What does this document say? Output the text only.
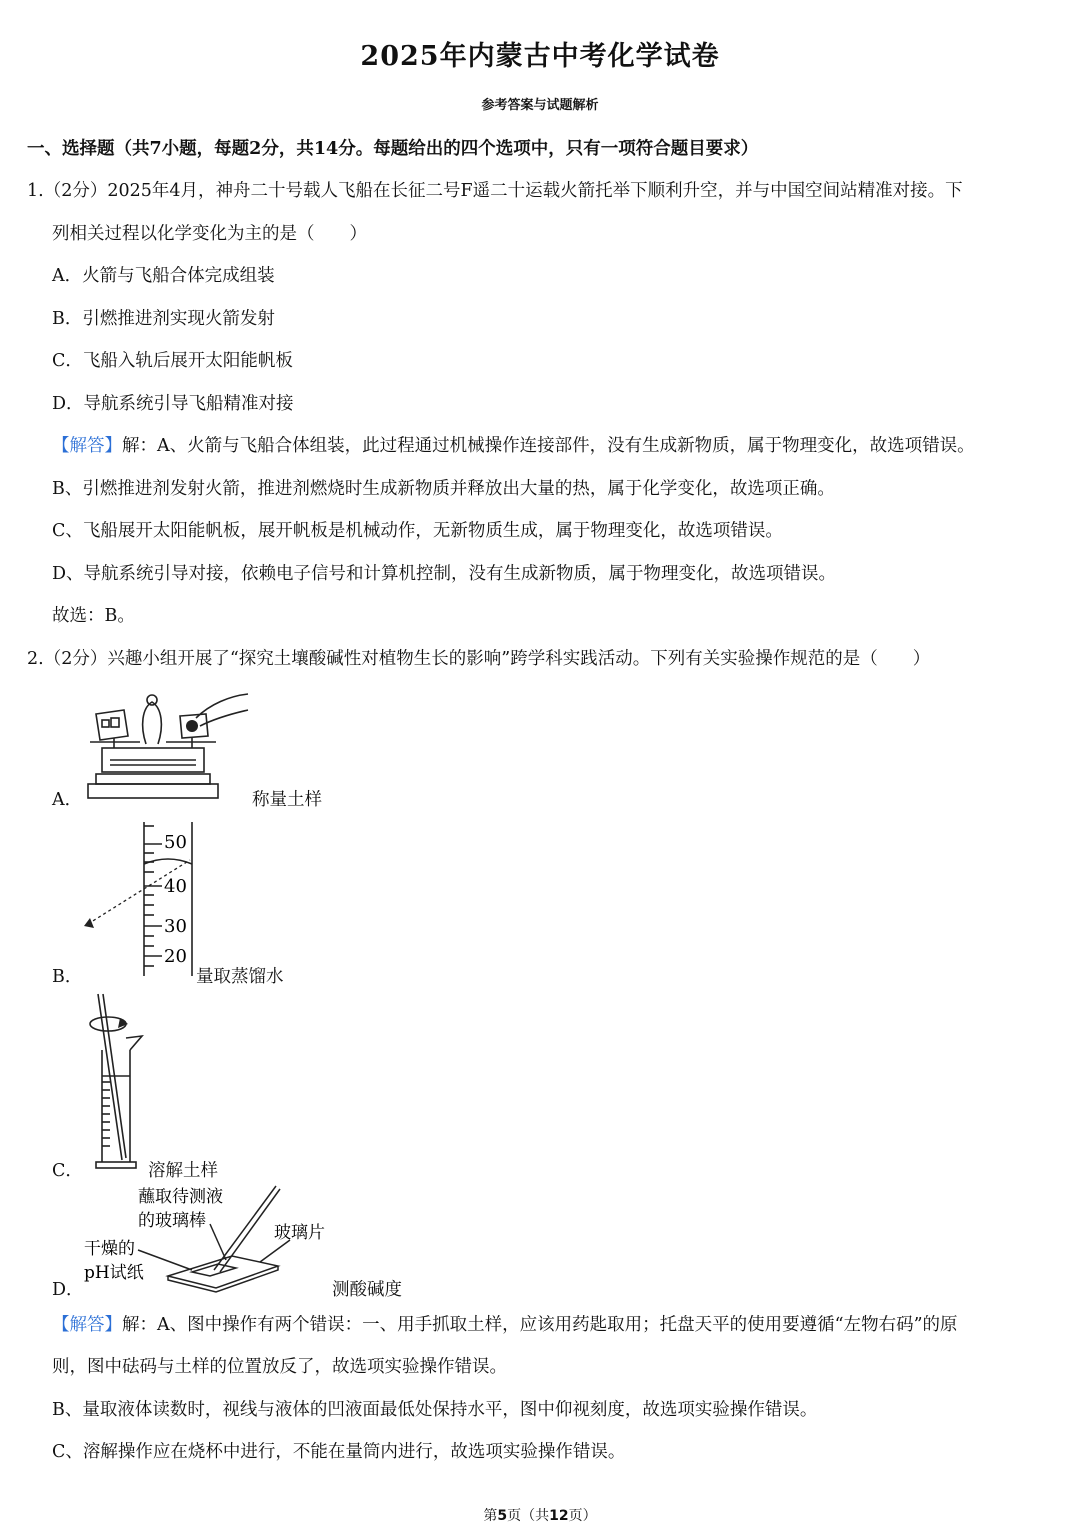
2025年内蒙古中考化学试卷
参考答案与试题解析
一、选择题（共7小题，每题2分，共14分。每题给出的四个选项中，只有一项符合题目要求）
1.（2分）2025年4月，神舟二十号载人飞船在长征二号F遥二十运载火箭托举下顺利升空，并与中国空间站精准对接。下
列相关过程以化学变化为主的是（　　）
A．火箭与飞船合体完成组装
B．引燃推进剂实现火箭发射
C．飞船入轨后展开太阳能帆板
D．导航系统引导飞船精准对接
【解答】解：A、火箭与飞船合体组装，此过程通过机械操作连接部件，没有生成新物质，属于物理变化，故选项错误。
B、引燃推进剂发射火箭，推进剂燃烧时生成新物质并释放出大量的热，属于化学变化，故选项正确。
C、飞船展开太阳能帆板，展开帆板是机械动作，无新物质生成，属于物理变化，故选项错误。
D、导航系统引导对接，依赖电子信号和计算机控制，没有生成新物质，属于物理变化，故选项错误。
故选：B。
2.（2分）兴趣小组开展了“探究土壤酸碱性对植物生长的影响”跨学科实践活动。下列有关实验操作规范的是（　　）
A．	称量土样
B．
50
40
30
20
量取蒸馏水
C．	溶解土样
D．
蘸取待测液
的玻璃棒
玻璃片
干燥的
pH试纸
测酸碱度
【解答】解：A、图中操作有两个错误：一、用手抓取土样，应该用药匙取用；托盘天平的使用要遵循“左物右码”的原
则，图中砝码与土样的位置放反了，故选项实验操作错误。
B、量取液体读数时，视线与液体的凹液面最低处保持水平，图中仰视刻度，故选项实验操作错误。
C、溶解操作应在烧杯中进行，不能在量筒内进行，故选项实验操作错误。
第5页（共12页）
